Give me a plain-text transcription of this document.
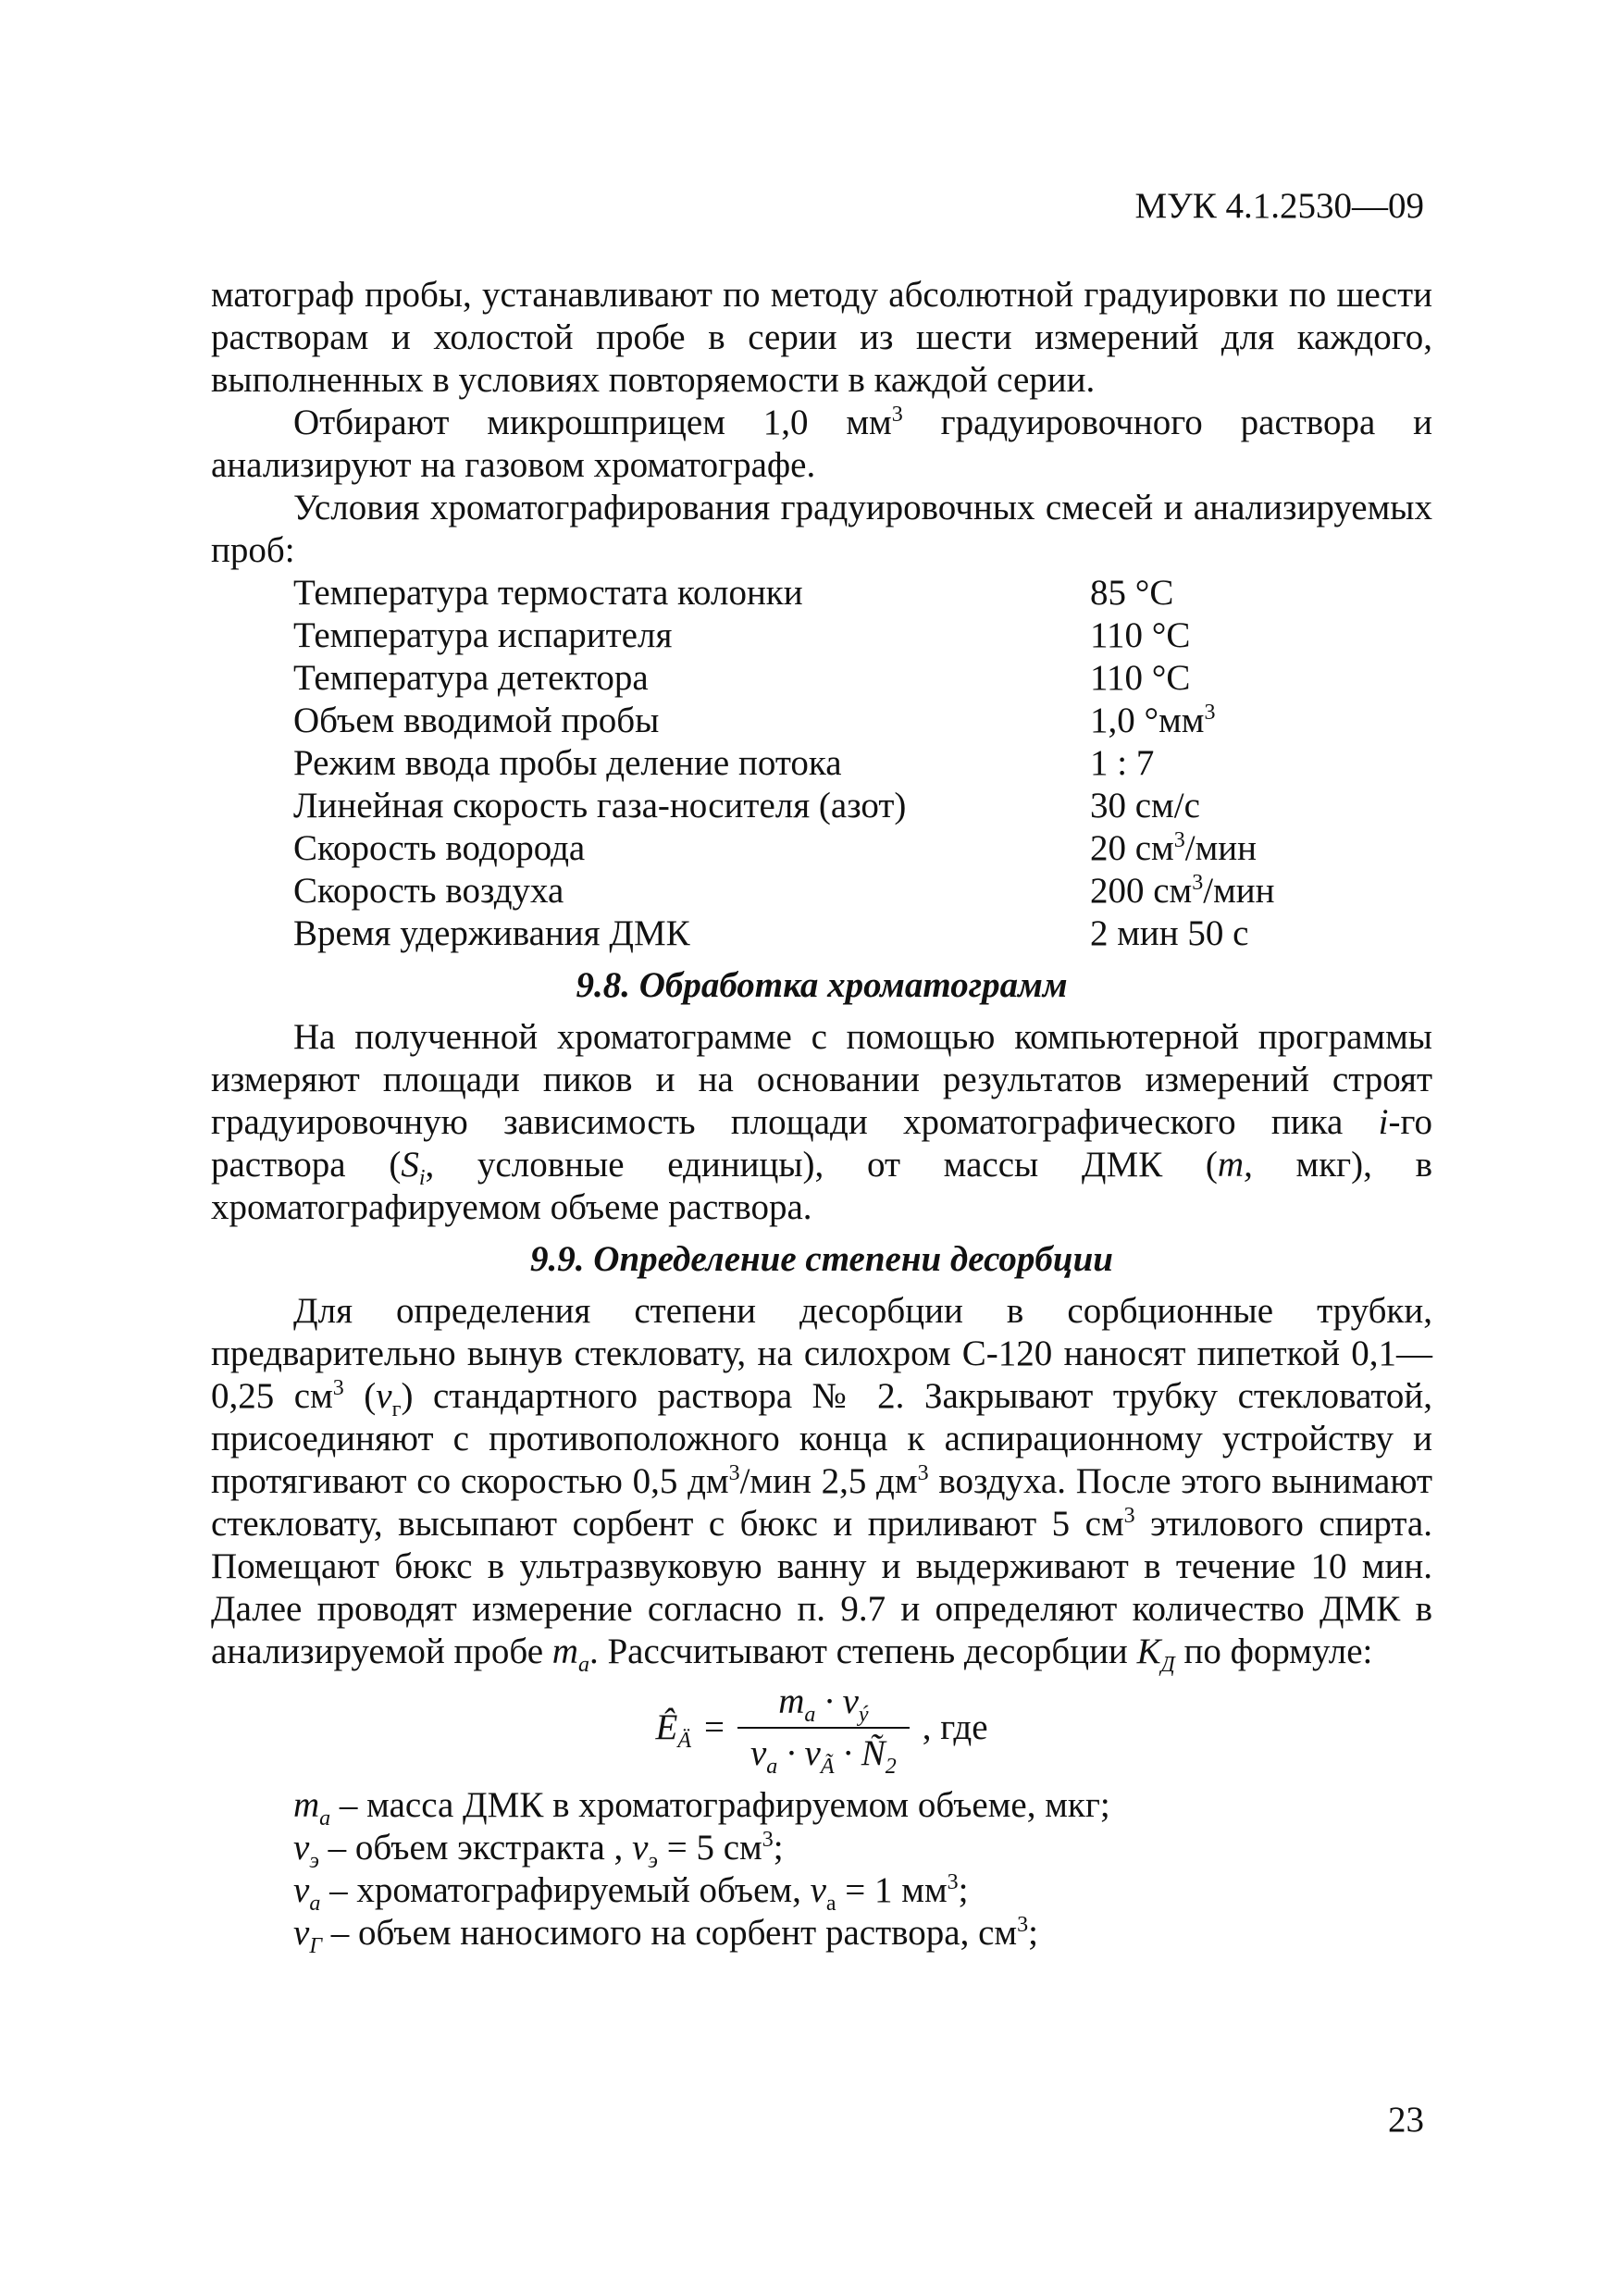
МУК 4.1.2530—09

матограф пробы, устанавливают по методу абсолютной градуировки по шести растворам и холостой пробе в серии из шести измерений для каждого, выполненных в условиях повторяемости в каждой серии.

Отбирают микрошприцем 1,0 $мм^3$ градуировочного раствора и анализируют на газовом хроматографе.

Условия хроматографирования градуировочных смесей и анализируемых проб:

Температура термостата колонки	85 °С
Температура испарителя	110 °С
Температура детектора	110 °С
Объем вводимой пробы	1,0 $^\circ мм^3$
Режим ввода пробы деление потока	1 : 7
Линейная скорость газа-носителя (азот)	30 см/с
Скорость водорода	20 $см^3$/мин
Скорость воздуха	200 $см^3$/мин
Время удерживания ДМК	2 мин 50 с
9.8. Обработка хроматограмм

На полученной хроматограмме с помощью компьютерной программы измеряют площади пиков и на основании результатов измерений строят градуировочную зависимость площади хроматографического пика i-го раствора ($S_i$, условные единицы), от массы ДМК (m, мкг), в хроматографируемом объеме раствора.

9.9. Определение степени десорбции

Для определения степени десорбции в сорбционные трубки, предварительно вынув стекловату, на силохром С-120 наносят пипеткой 0,1—0,25 $см^3$ $(v_г)$ стандартного раствора № 2. Закрывают трубку стекловатой, присоединяют с противоположного конца к аспирационному устройству и протягивают со скоростью 0,5 $дм^3$/мин 2,5 $дм^3$ воздуха. После этого вынимают стекловату, высыпают сорбент с бюкс и приливают 5 $см^3$ этилового спирта. Помещают бюкс в ультразвуковую ванну и выдерживают в течение 10 мин. Далее проводят измерение согласно п. 9.7 и определяют количество ДМК в анализируемой пробе $m_a$. Рассчитывают степень десорбции $К_Д$ по формуле:

$Ê_Ä = \frac{m_a \cdot v_ý}{v_a \cdot v_Ã \cdot Ñ_2}$ , где
$m_a$ – масса ДМК в хроматографируемом объеме, мкг;
$v_э$ – объем экстракта , $v_э = 5$ $см^3$;
$v_a$ – хроматографируемый объем, $v_a = 1$ $мм^3$;
$v_Г$ – объем наносимого на сорбент раствора, $см^3$;
23
